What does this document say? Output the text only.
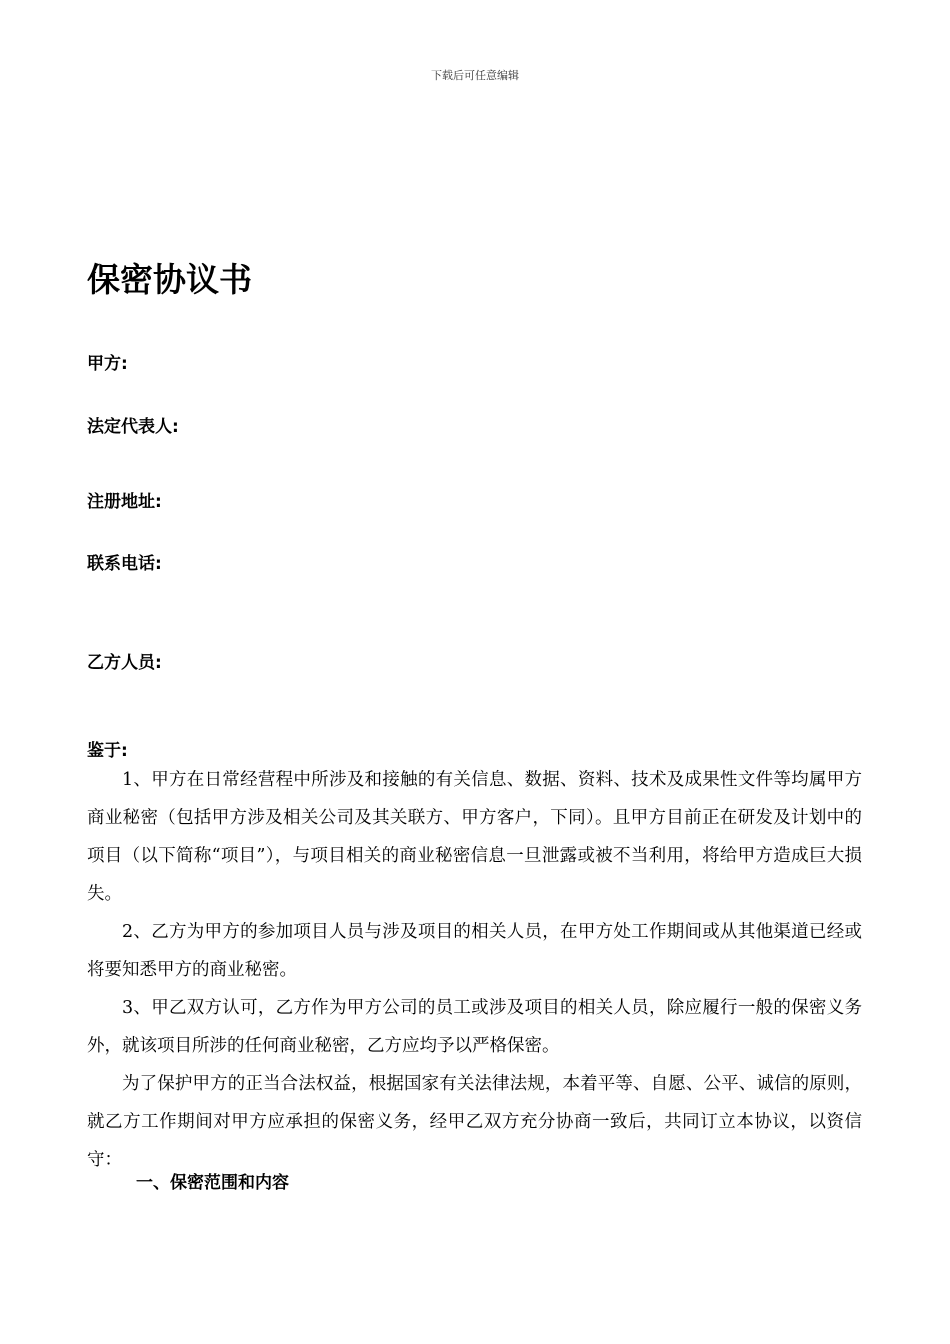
下载后可任意编辑
保密协议书
甲方:
法定代表人:
注册地址:
联系电话:
乙方人员:
鉴于:

1、甲方在日常经营程中所涉及和接触的有关信息、数据、资料、技术及成果性文件等均属甲方商业秘密（包括甲方涉及相关公司及其关联方、甲方客户，下同）。且甲方目前正在研发及计划中的项目（以下简称“项目”），与项目相关的商业秘密信息一旦泄露或被不当利用，将给甲方造成巨大损失。

2、乙方为甲方的参加项目人员与涉及项目的相关人员，在甲方处工作期间或从其他渠道已经或将要知悉甲方的商业秘密。

3、甲乙双方认可，乙方作为甲方公司的员工或涉及项目的相关人员，除应履行一般的保密义务外，就该项目所涉的任何商业秘密，乙方应均予以严格保密。

为了保护甲方的正当合法权益，根据国家有关法律法规，本着平等、自愿、公平、诚信的原则，就乙方工作期间对甲方应承担的保密义务，经甲乙双方充分协商一致后，共同订立本协议，以资信守：

一、保密范围和内容
